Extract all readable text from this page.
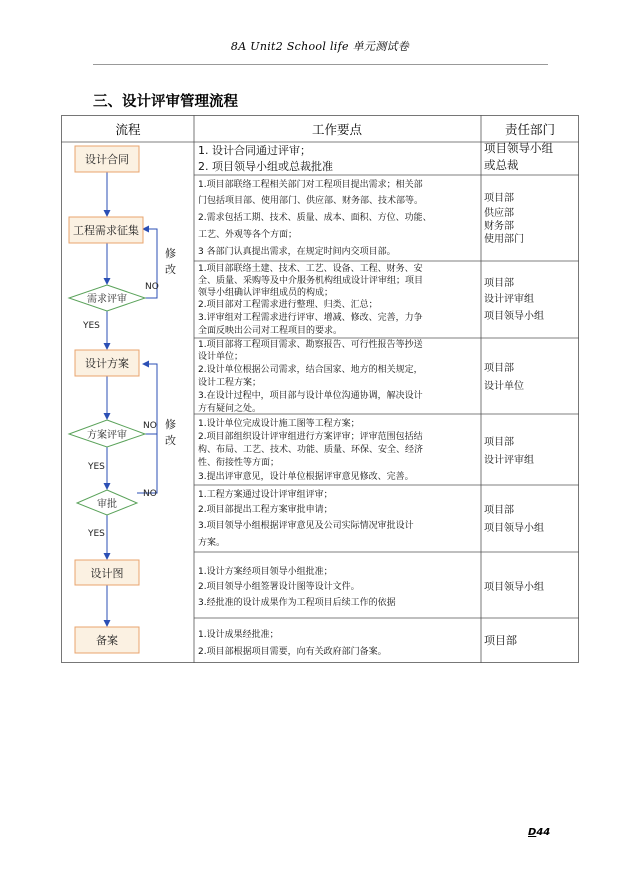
8A Unit2 School life 单元测试卷
三、设计评审管理流程
流程	工作要点	责任部门
1. 设计合同通过评审；
2. 项目领导小组或总裁批准
1.项目部联络工程相关部门对工程项目提出需求；相关部
门包括项目部、使用部门、供应部、财务部、技术部等。
2.需求包括工期、技术、质量、成本、面积、方位、功能、
工艺、外观等各个方面；
3 各部门认真提出需求，在规定时间内交项目部。
1.项目部联络土建、技术、工艺、设备、工程、财务、安
全、质量、采购等及中介服务机构组成设计评审组；项目
领导小组确认评审组成员的构成；
2.项目部对工程需求进行整理、归类、汇总；
3.评审组对工程需求进行评审、增减、修改、完善，力争
全面反映出公司对工程项目的要求。
1.项目部将工程项目需求、勘察报告、可行性报告等抄送
设计单位；
2.设计单位根据公司需求，结合国家、地方的相关规定，
设计工程方案；
3.在设计过程中，项目部与设计单位沟通协调，解决设计
方有疑问之处。
1.设计单位完成设计施工图等工程方案；
2.项目部组织设计评审组进行方案评审；评审范围包括结
构、布局、工艺、技术、功能、质量、环保、安全、经济
性、衔接性等方面；
3.提出评审意见，设计单位根据评审意见修改、完善。
1.工程方案通过设计评审组评审；
2.项目部提出工程方案审批申请；
3.项目领导小组根据评审意见及公司实际情况审批设计
方案。
1.设计方案经项目领导小组批准；
2.项目领导小组签署设计图等设计文件。
3.经批准的设计成果作为工程项目后续工作的依据
1.设计成果经批准；
2.项目部根据项目需要，向有关政府部门备案。
项目领导小组
或总裁
项目部
供应部
财务部
使用部门
项目部
设计评审组
项目领导小组
项目部
设计单位
项目部
设计评审组
项目部
项目领导小组
项目领导小组
项目部
设计合同
工程需求征集
需求评审
设计方案
方案评审
审批
设计图
备案
YES
NO
修
改
YES
NO 修
改
NO
YES
D44
